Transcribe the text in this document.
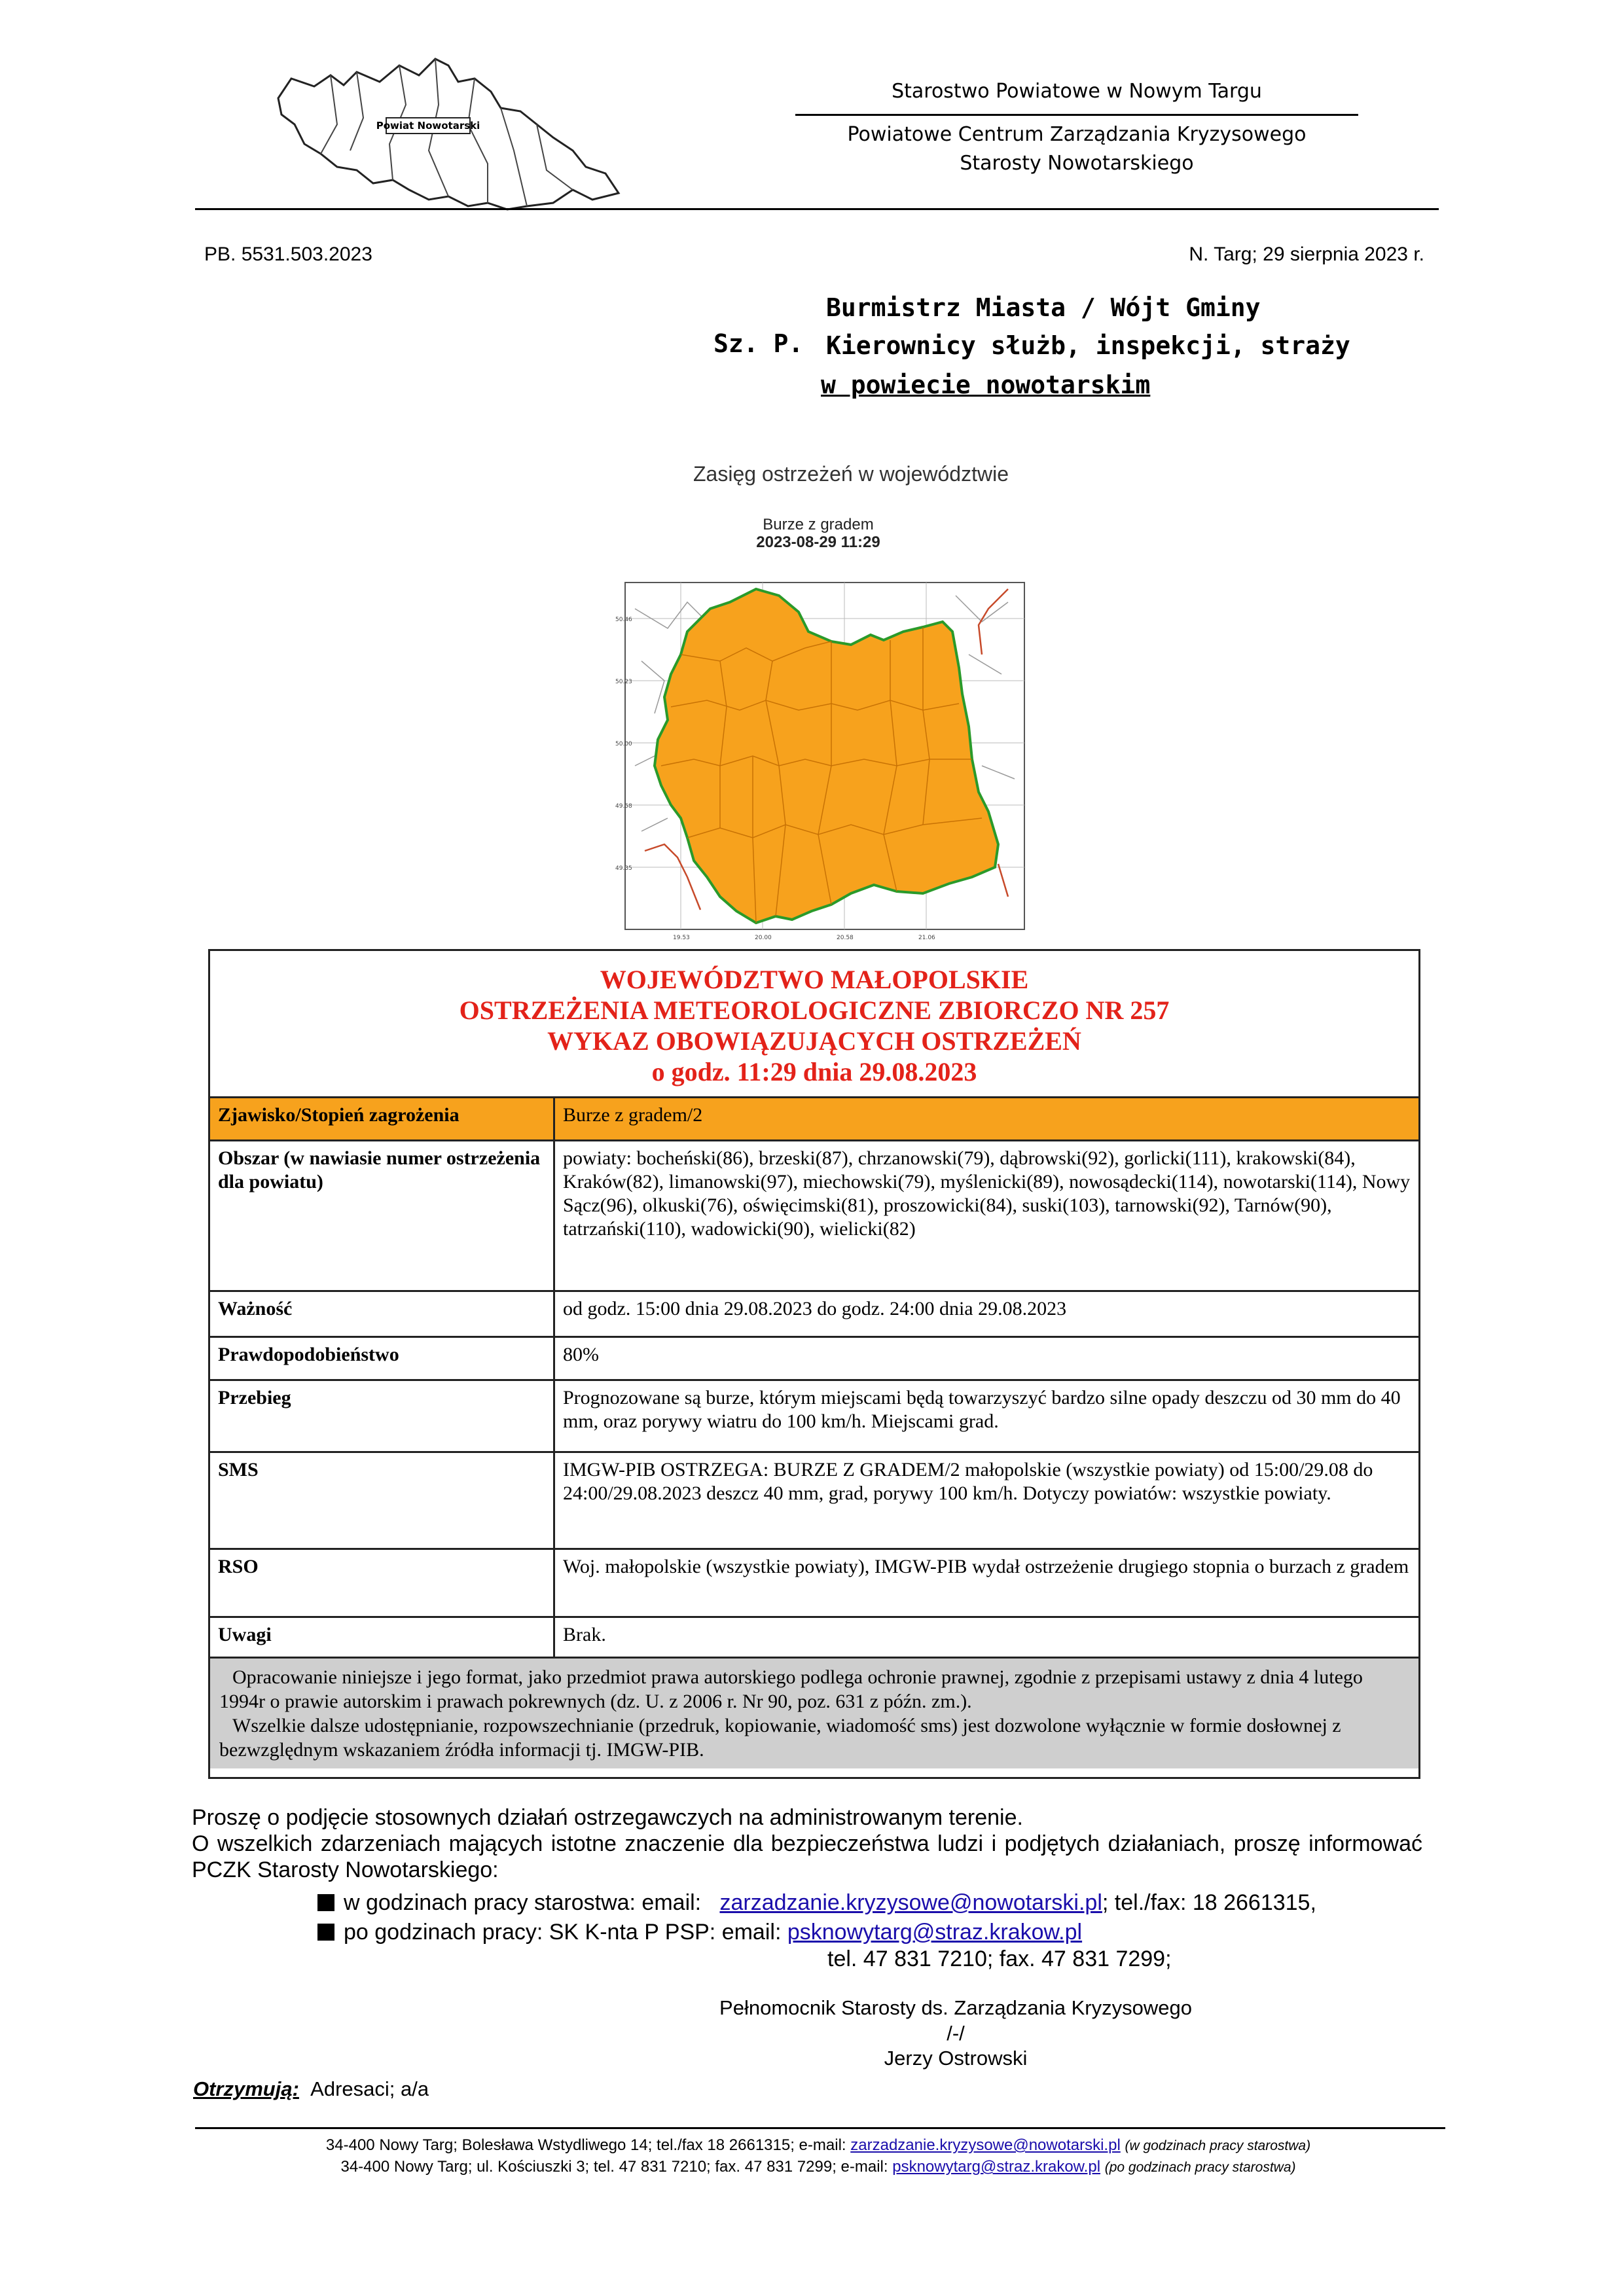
Powiat Nowotarski
Starostwo Powiatowe w Nowym Targu
Powiatowe Centrum Zarządzania Kryzysowego
Starosty Nowotarskiego
PB. 5531.503.2023	N. Targ; 29 sierpnia 2023 r.
Sz. P.
Burmistrz Miasta / Wójt Gminy
Kierownicy służb, inspekcji, straży
w powiecie nowotarskim
Zasięg ostrzeżeń w województwie
Burze z gradem
2023-08-29 11:29
50.46
50.23
50.00
49.58
49.35
19.53	20.00	20.58	21.06
WOJEWÓDZTWO MAŁOPOLSKIE
OSTRZEŻENIA METEOROLOGICZNE ZBIORCZO NR 257
WYKAZ OBOWIĄZUJĄCYCH OSTRZEŻEŃ
o godz. 11:29 dnia 29.08.2023
Zjawisko/Stopień zagrożenia	Burze z gradem/2
Obszar (w nawiasie numer ostrzeżenia dla powiatu)	powiaty: bocheński(86), brzeski(87), chrzanowski(79), dąbrowski(92), gorlicki(111), krakowski(84), Kraków(82), limanowski(97), miechowski(79), myślenicki(89), nowosądecki(114), nowotarski(114), Nowy Sącz(96), olkuski(76), oświęcimski(81), proszowicki(84), suski(103), tarnowski(92), Tarnów(90), tatrzański(110), wadowicki(90), wielicki(82)
Ważność	od godz. 15:00 dnia 29.08.2023 do godz. 24:00 dnia 29.08.2023
Prawdopodobieństwo	80%
Przebieg	Prognozowane są burze, którym miejscami będą towarzyszyć bardzo silne opady deszczu od 30 mm do 40 mm, oraz porywy wiatru do 100 km/h. Miejscami grad.
SMS	IMGW-PIB OSTRZEGA: BURZE Z GRADEM/2 małopolskie (wszystkie powiaty) od 15:00/29.08 do 24:00/29.08.2023 deszcz 40 mm, grad, porywy 100 km/h. Dotyczy powiatów: wszystkie powiaty.
RSO	Woj. małopolskie (wszystkie powiaty), IMGW-PIB wydał ostrzeżenie drugiego stopnia o burzach z gradem
Uwagi	Brak.

Opracowanie niniejsze i jego format, jako przedmiot prawa autorskiego podlega ochronie prawnej, zgodnie z przepisami ustawy z dnia 4 lutego 1994r o prawie autorskim i prawach pokrewnych (dz. U. z 2006 r. Nr 90, poz. 631 z późn. zm.).

Wszelkie dalsze udostępnianie, rozpowszechnianie (przedruk, kopiowanie, wiadomość sms) jest dozwolone wyłącznie w formie dosłownej z bezwzględnym wskazaniem źródła informacji tj. IMGW-PIB.

Proszę o podjęcie stosownych działań ostrzegawczych na administrowanym terenie.
O wszelkich zdarzeniach mających istotne znaczenie dla bezpieczeństwa ludzi i podjętych działaniach, proszę informować PCZK Starosty Nowotarskiego:
w godzinach pracy starostwa: email: zarzadzanie.kryzysowe@nowotarski.pl; tel./fax: 18 2661315,
po godzinach pracy: SK K-nta P PSP: email: psknowytarg@straz.krakow.pl
tel. 47 831 7210; fax. 47 831 7299;
Pełnomocnik Starosty ds. Zarządzania Kryzysowego
/-/
Jerzy Ostrowski
Otrzymują: Adresaci; a/a
34-400 Nowy Targ; Bolesława Wstydliwego 14; tel./fax 18 2661315; e-mail: zarzadzanie.kryzysowe@nowotarski.pl (w godzinach pracy starostwa)
34-400 Nowy Targ; ul. Kościuszki 3; tel. 47 831 7210; fax. 47 831 7299; e-mail: psknowytarg@straz.krakow.pl (po godzinach pracy starostwa)
